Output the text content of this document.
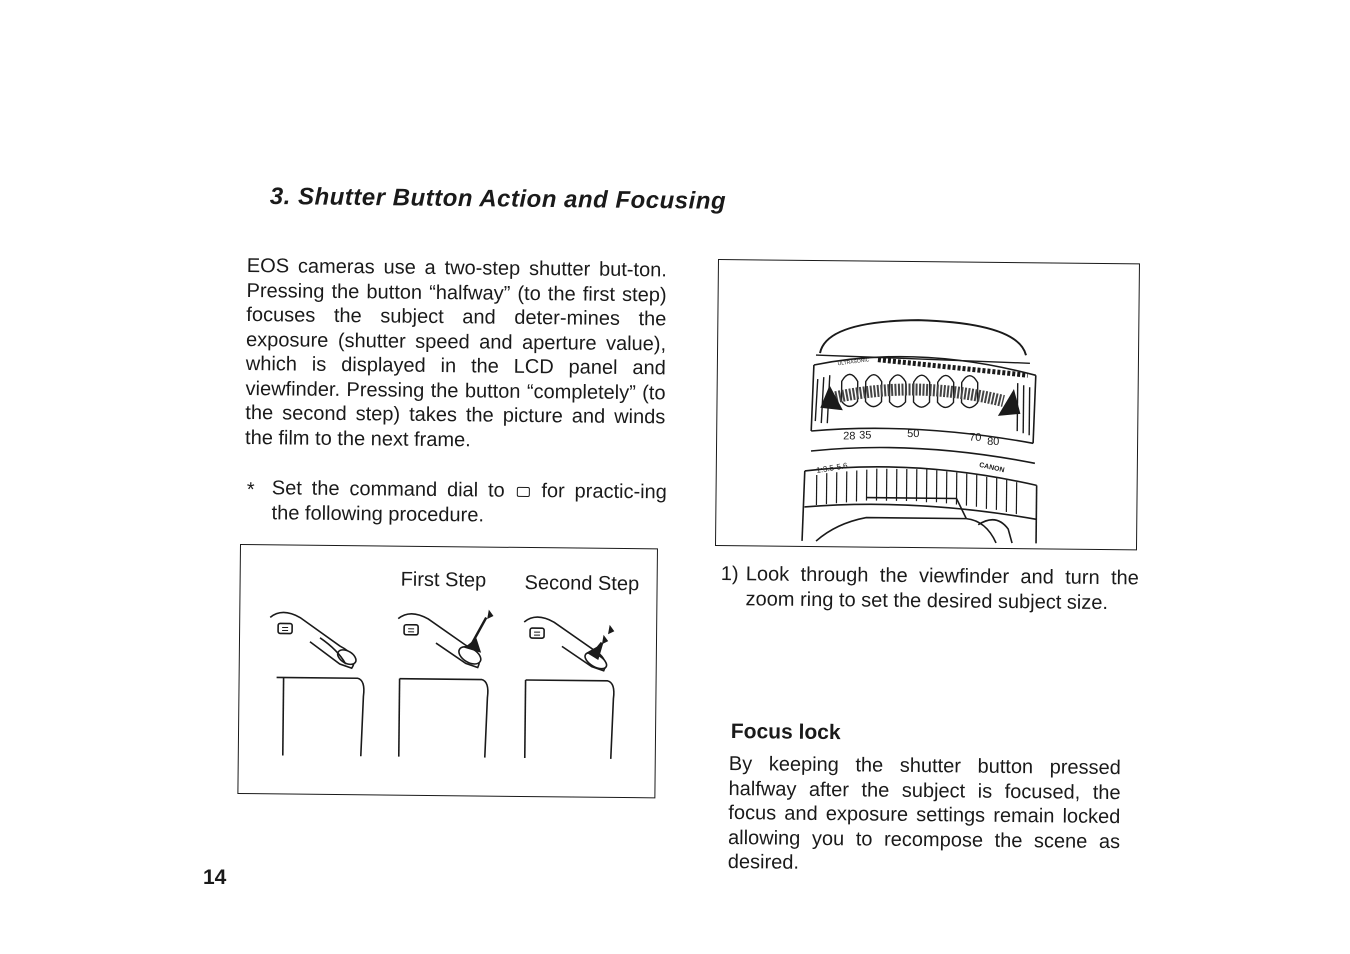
3. Shutter Button Action and Focusing

EOS cameras use a two-step shutter but-ton. Pressing the button “halfway” (to the first step) focuses the subject and deter-mines the exposure (shutter speed and aperture value), which is displayed in the LCD panel and viewfinder. Pressing the button “completely” (to the second step) takes the picture and winds the film to the next frame.

* Set the command dial to for practic-ing the following procedure.
First Step Second Step
28 35	50	70 80
1:3.5-5.6	CANON
ULTRASONIC
1) Look through the viewfinder and turn the zoom ring to set the desired subject size.
Focus lock

By keeping the shutter button pressed halfway after the subject is focused, the focus and exposure settings remain locked allowing you to recompose the scene as desired.

14
